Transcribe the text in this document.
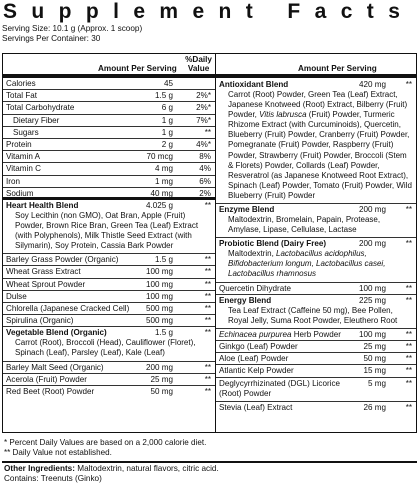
Supplement Facts
Serving Size: 10.1 g (Approx. 1 scoop)
Servings Per Container: 30
Amount Per Serving
%Daily
Value
Calories	45
Total Fat	1.5 g	2%*
Total Carbohydrate	6 g	2%*
Dietary Fiber	1 g	7%*
Sugars	1 g	**
Protein	2 g	4%*
Vitamin A	70 mcg	8%
Vitamin C	4 mg	4%
Iron	1 mg	6%
Sodium	40 mg	2%
Heart Health Blend	4.025 g	**
Soy Lecithin (non GMO), Oat Bran, Apple (Fruit) Powder, Brown Rice Bran, Green Tea (Leaf) Extract (with Polyphenols), Milk Thistle Seed Extract (with Silymarin), Soy Protein, Cassia Bark Powder
Barley Grass Powder (Organic)	1.5 g	**
Wheat Grass Extract	100 mg	**
Wheat Sprout Powder	100 mg	**
Dulse	100 mg	**
Chlorella (Japanese Cracked Cell) 500 mg	**
Spirulina (Organic)	500 mg	**
Vegetable Blend (Organic)	1.5 g	**
Carrot (Root), Broccoli (Head), Cauliflower (Floret), Spinach (Leaf), Parsley (Leaf), Kale (Leaf)
Barley Malt Seed (Organic)	200 mg	**
Acerola (Fruit) Powder	25 mg	**
Red Beet (Root) Powder	50 mg	**
Amount Per Serving
Antioxidant Blend	420 mg **
Carrot (Root) Powder, Green Tea (Leaf) Extract, Japanese Knotweed (Root) Extract, Bilberry (Fruit) Powder, Vitis labrusca (Fruit) Powder, Turmeric Rhizome Extract (with Curcuminoids), Quercetin, Blueberry (Fruit) Powder, Cranberry (Fruit) Powder, Pomegranate (Fruit) Powder, Raspberry (Fruit) Powder, Strawberry (Fruit) Powder, Broccoli (Stem & Florets) Powder, Collards (Leaf) Powder, Resveratrol (as Japanese Knotweed Root Extract), Spinach (Leaf) Powder, Tomato (Fruit) Powder, Wild Blueberry (Fruit) Powder
Enzyme Blend	200 mg **
Maltodextrin, Bromelain, Papain, Protease, Amylase, Lipase, Cellulase, Lactase
Probiotic Blend (Dairy Free)	200 mg **
Maltodextrin, Lactobacillus acidophilus, Bifidobacterium longum, Lactobacillus casei, Lactobacillus rhamnosus
Quercetin Dihydrate	100 mg **
Energy Blend	225 mg **
Tea Leaf Extract (Caffeine 50 mg), Bee Pollen, Royal Jelly, Suma Root Powder, Eleuthero Root
Echinacea purpurea Herb Powder 100 mg **
Ginkgo (Leaf) Powder	25 mg **
Aloe (Leaf) Powder	50 mg **
Atlantic Kelp Powder	15 mg **
Deglycyrrhizinated (DGL) Licorice	5 mg **
(Root) Powder
Stevia (Leaf) Extract	26 mg **
* Percent Daily Values are based on a 2,000 calorie diet.
** Daily Value not established.
Other Ingredients: Maltodextrin, natural flavors, citric acid.
Contains: Treenuts (Ginko)
